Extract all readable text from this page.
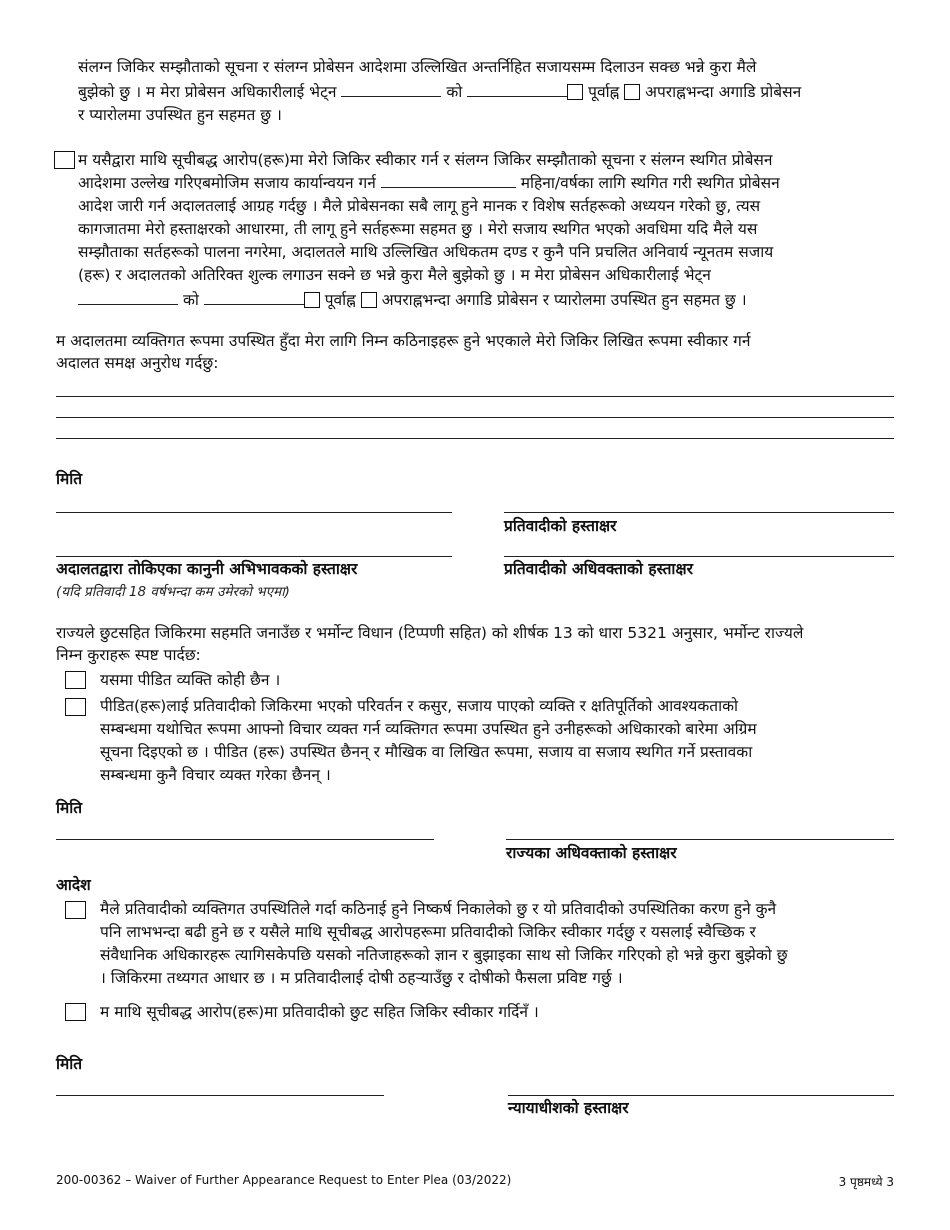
संलग्न जिकिर सम्झौताको सूचना र संलग्न प्रोबेसन आदेशमा उल्लिखित अन्तर्निहित सजायसम्म दिलाउन सक्छ भन्ने कुरा मैले
बुझेको छु । म मेरा प्रोबेसन अधिकारीलाई भेट्न	को	पूर्वाह्न अपराह्नभन्दा अगाडि प्रोबेसन
र प्यारोलमा उपस्थित हुन सहमत छु ।
म यसैद्वारा माथि सूचीबद्ध आरोप(हरू)मा मेरो जिकिर स्वीकार गर्न र संलग्न जिकिर सम्झौताको सूचना र संलग्न स्थगित प्रोबेसन
आदेशमा उल्लेख गरिएबमोजिम सजाय कार्यान्वयन गर्न	महिना/वर्षका लागि स्थगित गरी स्थगित प्रोबेसन
आदेश जारी गर्न अदालतलाई आग्रह गर्दछु । मैले प्रोबेसनका सबै लागू हुने मानक र विशेष सर्तहरूको अध्ययन गरेको छु, त्यस
कागजातमा मेरो हस्ताक्षरको आधारमा, ती लागू हुने सर्तहरूमा सहमत छु । मेरो सजाय स्थगित भएको अवधिमा यदि मैले यस
सम्झौताका सर्तहरूको पालना नगरेमा, अदालतले माथि उल्लिखित अधिकतम दण्ड र कुनै पनि प्रचलित अनिवार्य न्यूनतम सजाय
(हरू) र अदालतको अतिरिक्त शुल्क लगाउन सक्ने छ भन्ने कुरा मैले बुझेको छु । म मेरा प्रोबेसन अधिकारीलाई भेट्न
को	पूर्वाह्न अपराह्नभन्दा अगाडि प्रोबेसन र प्यारोलमा उपस्थित हुन सहमत छु ।
म अदालतमा व्यक्तिगत रूपमा उपस्थित हुँदा मेरा लागि निम्न कठिनाइहरू हुने भएकाले मेरो जिकिर लिखित रूपमा स्वीकार गर्न
अदालत समक्ष अनुरोध गर्दछु:
मिति
प्रतिवादीको हस्ताक्षर
अदालतद्वारा तोकिएका कानुनी अभिभावकको हस्ताक्षर	प्रतिवादीको अधिवक्ताको हस्ताक्षर
(यदि प्रतिवादी 18 वर्षभन्दा कम उमेरको भएमा)
राज्यले छुटसहित जिकिरमा सहमति जनाउँछ र भर्मोन्ट विधान (टिप्पणी सहित) को शीर्षक 13 को धारा 5321 अनुसार, भर्मोन्ट राज्यले
निम्न कुराहरू स्पष्ट पार्दछ:
यसमा पीडित व्यक्ति कोही छैन ।
पीडित(हरू)लाई प्रतिवादीको जिकिरमा भएको परिवर्तन र कसुर, सजाय पाएको व्यक्ति र क्षतिपूर्तिको आवश्यकताको
सम्बन्धमा यथोचित रूपमा आफ्नो विचार व्यक्त गर्न व्यक्तिगत रूपमा उपस्थित हुने उनीहरूको अधिकारको बारेमा अग्रिम
सूचना दिइएको छ । पीडित (हरू) उपस्थित छैनन् र मौखिक वा लिखित रूपमा, सजाय वा सजाय स्थगित गर्ने प्रस्तावका
सम्बन्धमा कुनै विचार व्यक्त गरेका छैनन् ।
मिति
राज्यका अधिवक्ताको हस्ताक्षर
आदेश
मैले प्रतिवादीको व्यक्तिगत उपस्थितिले गर्दा कठिनाई हुने निष्कर्ष निकालेको छु र यो प्रतिवादीको उपस्थितिका करण हुने कुनै
पनि लाभभन्दा बढी हुने छ र यसैले माथि सूचीबद्ध आरोपहरूमा प्रतिवादीको जिकिर स्वीकार गर्दछु र यसलाई स्वैच्छिक र
संवैधानिक अधिकारहरू त्यागिसकेपछि यसको नतिजाहरूको ज्ञान र बुझाइका साथ सो जिकिर गरिएको हो भन्ने कुरा बुझेको छु
। जिकिरमा तथ्यगत आधार छ । म प्रतिवादीलाई दोषी ठहऱ्याउँछु र दोषीको फैसला प्रविष्ट गर्छु ।
म माथि सूचीबद्ध आरोप(हरू)मा प्रतिवादीको छुट सहित जिकिर स्वीकार गर्दिनँ ।
मिति
न्यायाधीशको हस्ताक्षर
200-00362 – Waiver of Further Appearance Request to Enter Plea (03/2022)	3 पृष्ठमध्ये 3
